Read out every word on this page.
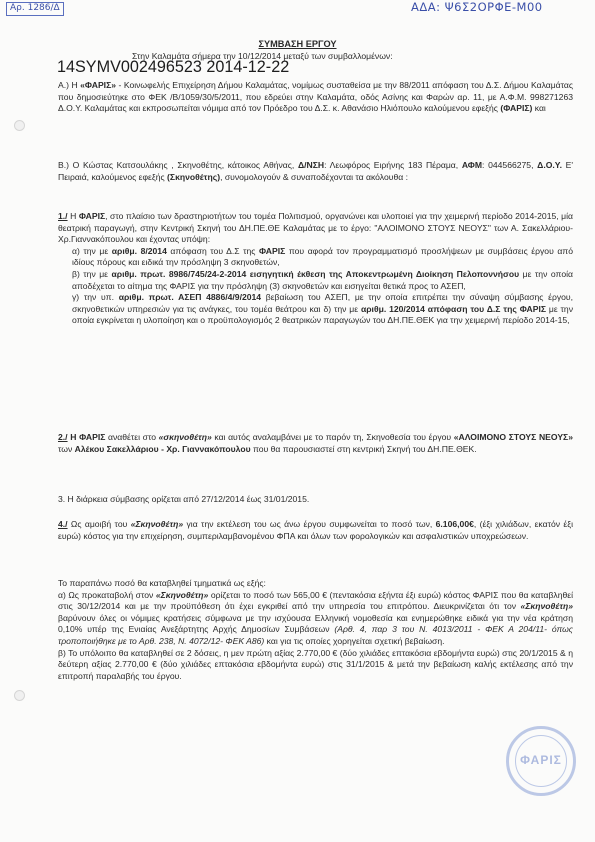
Αρ. 1286/Δ	ΑΔΑ: Ψ6Σ2ΟΡΦΕ-Μ00
ΣΥΜΒΑΣΗ ΕΡΓΟΥ
Στην Καλαμάτα σήμερα την 10/12/2014 μεταξύ των συμβαλλομένων:
14SYMV002496523 2014-12-22

Α.) Η «ΦΑΡΙΣ» - Κοινωφελής Επιχείρηση Δήμου Καλαμάτας, νομίμως συσταθείσα με την 88/2011 απόφαση του Δ.Σ. Δήμου Καλαμάτας που δημοσιεύτηκε στο ΦΕΚ /Β/1059/30/5/2011, που εδρεύει στην Καλαμάτα, οδός Ασίνης και Φαρών αρ. 11, με Α.Φ.Μ. 998271263 Δ.Ο.Υ. Καλαμάτας και εκπροσωπείται νόμιμα από τον Πρόεδρο του Δ.Σ. κ. Αθανάσιο Ηλιόπουλο καλούμενου εφεξής (ΦΑΡΙΣ) και

Β.) Ο Κώστας Κατσουλάκης , Σκηνοθέτης, κάτοικος Αθήνας, Δ/ΝΣΗ: Λεωφόρος Ειρήνης 183 Πέραμα, ΑΦΜ: 044566275, Δ.Ο.Υ. Ε' Πειραιά, καλούμενος εφεξής (Σκηνοθέτης), συνομολογούν & συναποδέχονται τα ακόλουθα :

1./ Η ΦΑΡΙΣ, στο πλαίσιο των δραστηριοτήτων του τομέα Πολιτισμού, οργανώνει και υλοποιεί για την χειμερινή περίοδο 2014-2015, μία θεατρική παραγωγή, στην Κεντρική Σκηνή του ΔΗ.ΠΕ.ΘΕ Καλαμάτας με το έργο: "ΑΛΟΙΜΟΝΟ ΣΤΟΥΣ ΝΕΟΥΣ" των Α. Σακελλάριου-Χρ.Γιαννακόπουλου και έχοντας υπόψη:

α) την με αριθμ. 8/2014 απόφαση του Δ.Σ της ΦΑΡΙΣ που αφορά τον προγραμματισμό προσλήψεων με συμβάσεις έργου από ιδίους πόρους και ειδικά την πρόσληψη 3 σκηνοθετών,

β) την με αριθμ. πρωτ. 8986/745/24-2-2014 εισηγητική έκθεση της Αποκεντρωμένη Διοίκηση Πελοποννήσου με την οποία αποδέχεται το αίτημα της ΦΑΡΙΣ για την πρόσληψη (3) σκηνοθετών και εισηγείται θετικά προς το ΑΣΕΠ,

γ) την υπ. αριθμ. πρωτ. ΑΣΕΠ 4886/4/9/2014 βεβαίωση του ΑΣΕΠ, με την οποία επιτρέπει την σύναψη σύμβασης έργου, σκηνοθετικών υπηρεσιών για τις ανάγκες, του τομέα θεάτρου και δ) την με αριθμ. 120/2014 απόφαση του Δ.Σ της ΦΑΡΙΣ με την οποία εγκρίνεται η υλοποίηση και ο προϋπολογισμός 2 θεατρικών παραγωγών του ΔΗ.ΠΕ.ΘΕΚ για την χειμερινή περίοδο 2014-15,

2./ Η ΦΑΡΙΣ αναθέτει στο «σκηνοθέτη» και αυτός αναλαμβάνει με το παρόν τη, Σκηνοθεσία του έργου «ΑΛΟΙΜΟΝΟ ΣΤΟΥΣ ΝΕΟΥΣ» των Αλέκου Σακελλάριου - Χρ. Γιαννακόπουλου που θα παρουσιαστεί στη κεντρική Σκηνή του ΔΗ.ΠΕ.ΘΕΚ.

3. Η διάρκεια σύμβασης ορίζεται από 27/12/2014 έως 31/01/2015.

4./ Ως αμοιβή του «Σκηνοθέτη» για την εκτέλεση του ως άνω έργου συμφωνείται το ποσό των, 6.106,00€, (έξι χιλιάδων, εκατόν έξι ευρώ) κόστος για την επιχείρηση, συμπεριλαμβανομένου ΦΠΑ και όλων των φορολογικών και ασφαλιστικών υποχρεώσεων.

Το παραπάνω ποσό θα καταβληθεί τμηματικά ως εξής:

α) Ως προκαταβολή στον «Σκηνοθέτη» ορίζεται το ποσό των 565,00 € (πεντακόσια εξήντα έξι ευρώ) κόστος ΦΑΡΙΣ που θα καταβληθεί στις 30/12/2014 και με την προϋπόθεση ότι έχει εγκριθεί από την υπηρεσία του επιτρόπου. Διευκρινίζεται ότι τον «Σκηνοθέτη» βαρύνουν όλες οι νόμιμες κρατήσεις σύμφωνα με την ισχύουσα Ελληνική νομοθεσία και ενημερώθηκε ειδικά για την νέα κράτηση 0,10% υπέρ της Ενιαίας Ανεξάρτητης Αρχής Δημοσίων Συμβάσεων (Αρθ. 4, παρ 3 του Ν. 4013/2011 - ΦΕΚ Α 204/11- όπως τροποποιήθηκε με το Αρθ. 238, Ν. 4072/12- ΦΕΚ Α86) και για τις οποίες χορηγείται σχετική βεβαίωση.

β) Το υπόλοιπο θα καταβληθεί σε 2 δόσεις, η μεν πρώτη αξίας 2.770,00 € (δύο χιλιάδες επτακόσια εβδομήντα ευρώ) στις 20/1/2015 & η δεύτερη αξίας 2.770,00 € (δύο χιλιάδες επτακόσια εβδομήντα ευρώ) στις 31/1/2015 & μετά την βεβαίωση καλής εκτέλεσης από την επιτροπή παραλαβής του έργου.

ΦΑΡΙΣ
